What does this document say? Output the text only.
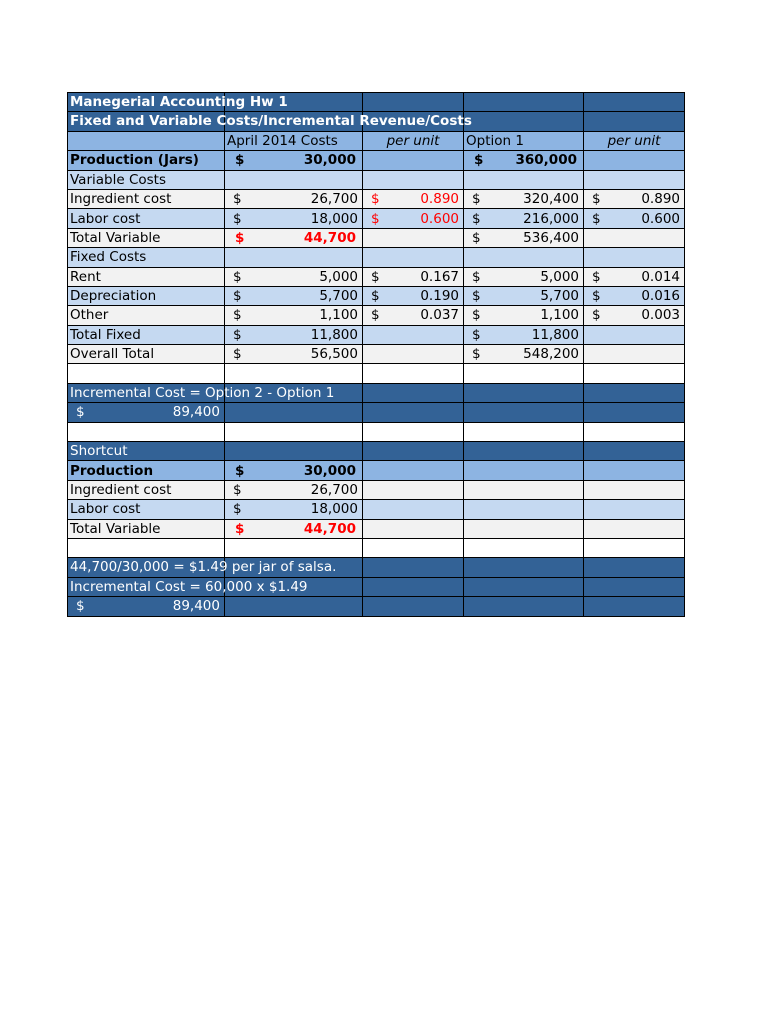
Manegerial Accounting Hw 1				

Fixed and Variable Costs/Incremental Revenue/Costs				

	April 2014 Costs	per unit	Option 1	per unit
Production (Jars)	$ 30,000		$ 360,000	

Variable Costs				
Ingredient cost	$ 26,700	$ 0.890	$ 320,400	$ 0.890

Labor cost	$ 18,000	$ 0.600	$ 216,000	$ 0.600

Total Variable	$ 44,700		$ 536,400	

Fixed Costs				
Rent	$ 5,000	$ 0.167	$ 5,000	$ 0.014

Depreciation	$ 5,700	$ 0.190	$ 5,700	$ 0.016

Other	$ 1,100	$ 0.037	$ 1,100	$ 0.003

Total Fixed	$ 11,800		$ 11,800	

Overall Total	$ 56,500		$ 548,200	

Incremental Cost = Option 2 - Option 1				

$ 89,400				

Shortcut				
Production	$ 30,000			

Ingredient cost	$ 26,700			

Labor cost	$ 18,000			

Total Variable	$ 44,700			

44,700/30,000 = $1.49 per jar of salsa.				

Incremental Cost = 60,000 x $1.49				

$ 89,400				
